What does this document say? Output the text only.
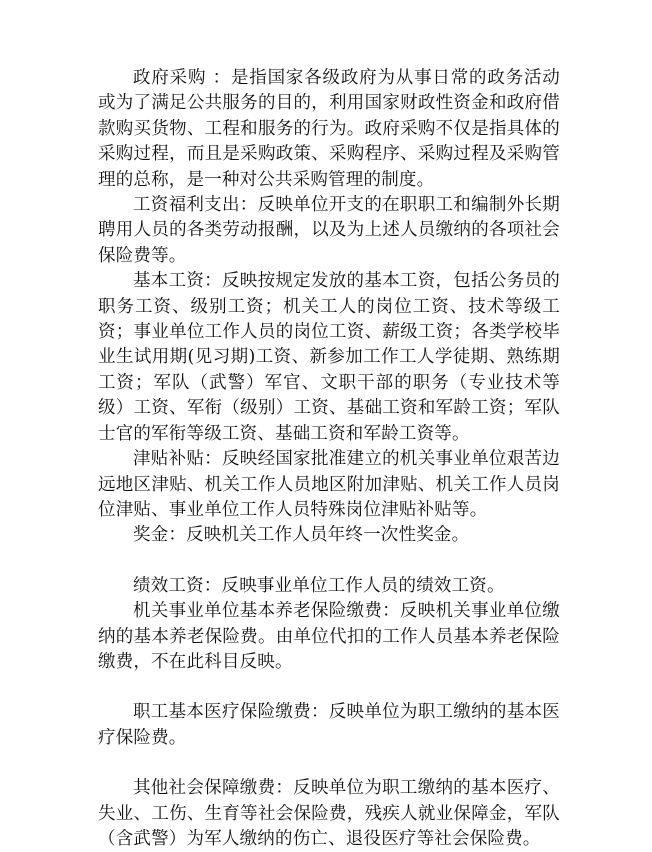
政府采购 ：是指国家各级政府为从事日常的政务活动或为了满足公共服务的目的，利用国家财政性资金和政府借款购买货物、工程和服务的行为。政府采购不仅是指具体的采购过程，而且是采购政策、采购程序、采购过程及采购管理的总称，是一种对公共采购管理的制度。

工资福利支出：反映单位开支的在职职工和编制外长期聘用人员的各类劳动报酬，以及为上述人员缴纳的各项社会保险费等。

基本工资：反映按规定发放的基本工资，包括公务员的职务工资、级别工资；机关工人的岗位工资、技术等级工资；事业单位工作人员的岗位工资、薪级工资；各类学校毕业生试用期(见习期)工资、新参加工作工人学徒期、熟练期工资；军队（武警）军官、文职干部的职务（专业技术等级）工资、军衔（级别）工资、基础工资和军龄工资；军队士官的军衔等级工资、基础工资和军龄工资等。

津贴补贴：反映经国家批准建立的机关事业单位艰苦边远地区津贴、机关工作人员地区附加津贴、机关工作人员岗位津贴、事业单位工作人员特殊岗位津贴补贴等。

奖金：反映机关工作人员年终一次性奖金。

绩效工资：反映事业单位工作人员的绩效工资。

机关事业单位基本养老保险缴费：反映机关事业单位缴纳的基本养老保险费。由单位代扣的工作人员基本养老保险缴费，不在此科目反映。

职工基本医疗保险缴费：反映单位为职工缴纳的基本医疗保险费。

其他社会保障缴费：反映单位为职工缴纳的基本医疗、失业、工伤、生育等社会保险费，残疾人就业保障金，军队（含武警）为军人缴纳的伤亡、退役医疗等社会保险费。
